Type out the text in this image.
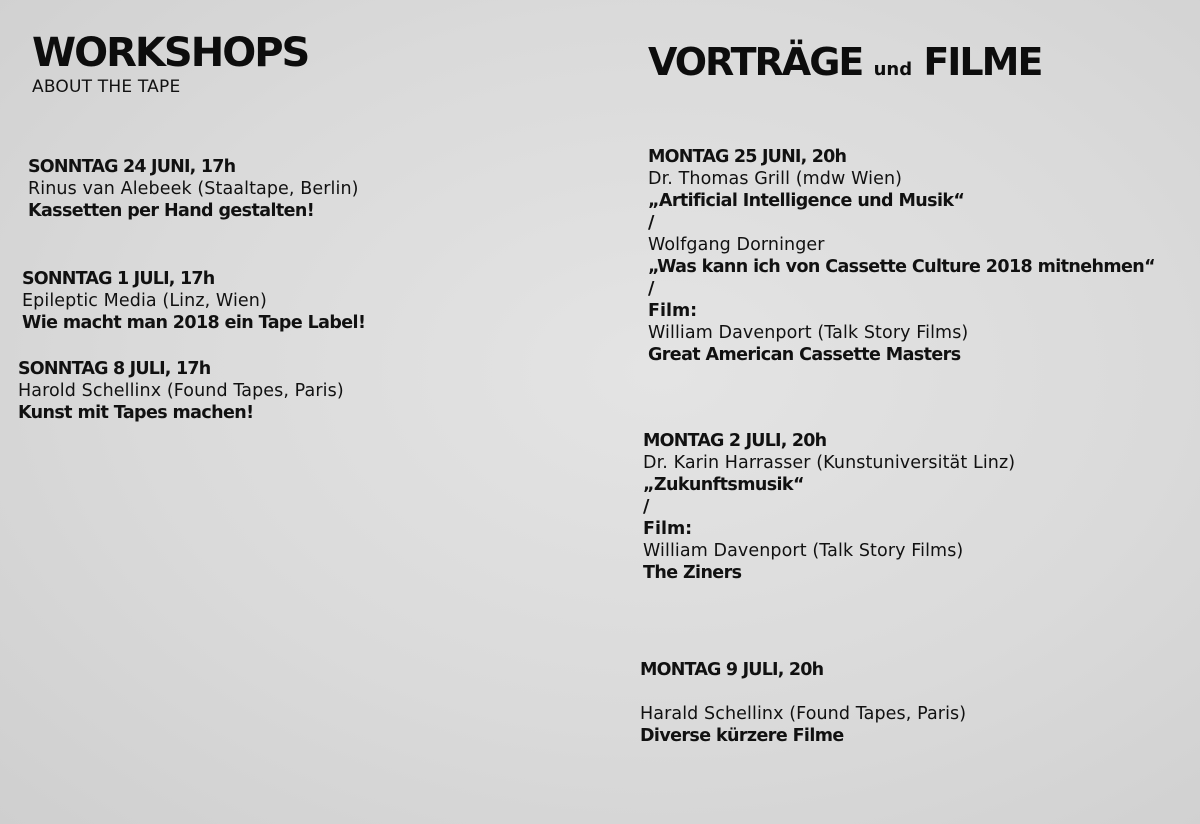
WORKSHOPS
ABOUT THE TAPE
SONNTAG 24 JUNI, 17h
Rinus van Alebeek (Staaltape, Berlin)
Kassetten per Hand gestalten!
SONNTAG 1 JULI, 17h
Epileptic Media (Linz, Wien)
Wie macht man 2018 ein Tape Label!
SONNTAG 8 JULI, 17h
Harold Schellinx (Found Tapes, Paris)
Kunst mit Tapes machen!
VORTRÄGE und FILME
MONTAG 25 JUNI, 20h
Dr. Thomas Grill (mdw Wien)
„Artificial Intelligence und Musik“
/
Wolfgang Dorninger
„Was kann ich von Cassette Culture 2018 mitnehmen“
/
Film:
William Davenport (Talk Story Films)
Great American Cassette Masters
MONTAG 2 JULI, 20h
Dr. Karin Harrasser (Kunstuniversität Linz)
„Zukunftsmusik“
/
Film:
William Davenport (Talk Story Films)
The Ziners
MONTAG 9 JULI, 20h
Harald Schellinx (Found Tapes, Paris)
Diverse kürzere Filme
